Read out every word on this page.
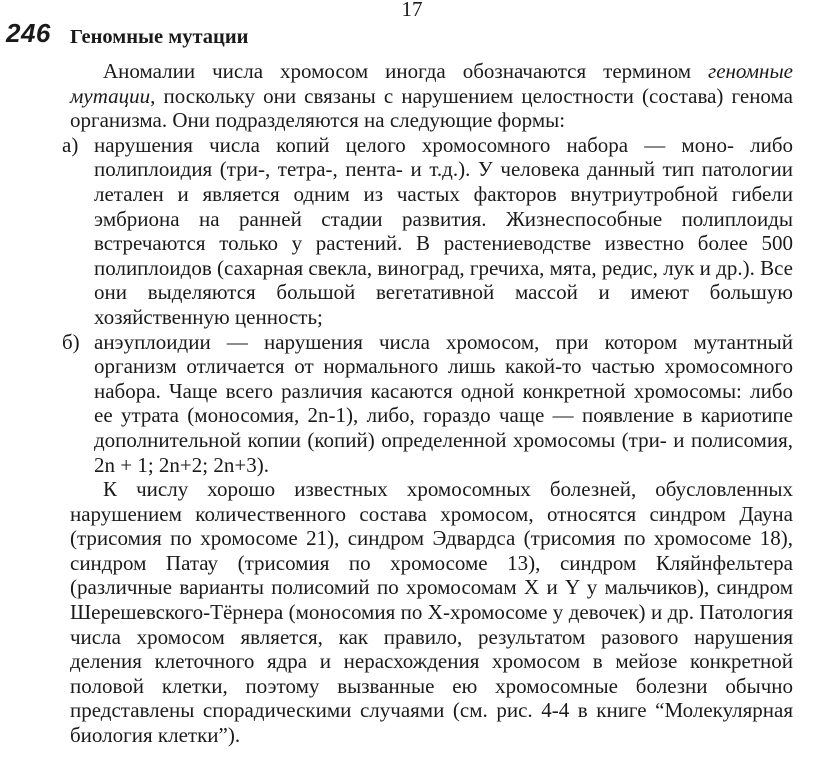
17
246 Геномные мутации

Аномалии числа хромосом иногда обозначаются термином геномные мутации, поскольку они связаны с нарушением целостности (состава) генома организма. Они подразделяются на следующие формы:

а) нарушения числа копий целого хромосомного набора — моно- либо полиплоидия (три-, тетра-, пента- и т.д.). У человека данный тип патологии летален и является одним из частых факторов внутриутробной гибели эмбриона на ранней стадии развития. Жизнеспособные полиплоиды встречаются только у растений. В растениеводстве известно более 500 полиплоидов (сахарная свекла, виноград, гречиха, мята, редис, лук и др.). Все они выделяются большой вегетативной массой и имеют большую хозяйственную ценность;
б) анэуплоидии — нарушения числа хромосом, при котором мутантный организм отличается от нормального лишь какой-то частью хромосомного набора. Чаще всего различия касаются одной конкретной хромосомы: либо ее утрата (моносомия, 2n-1), либо, гораздо чаще — появление в кариотипе дополнительной копии (копий) определенной хромосомы (три- и полисомия, 2n + 1; 2n+2; 2n+3).

К числу хорошо известных хромосомных болезней, обусловленных нарушением количественного состава хромосом, относятся синдром Дауна (трисомия по хромосоме 21), синдром Эдвардса (трисомия по хромосоме 18), синдром Патау (трисомия по хромосоме 13), синдром Кляйнфельтера (различные варианты полисомий по хромосомам X и Y у мальчиков), синдром Шерешевского-Тёрнера (моносомия по X-хромосоме у девочек) и др. Патология числа хромосом является, как правило, результатом разового нарушения деления клеточного ядра и нерасхождения хромосом в мейозе конкретной половой клетки, поэтому вызванные ею хромосомные болезни обычно представлены спорадическими случаями (см. рис. 4-4 в книге “Молекулярная биология клетки”).
